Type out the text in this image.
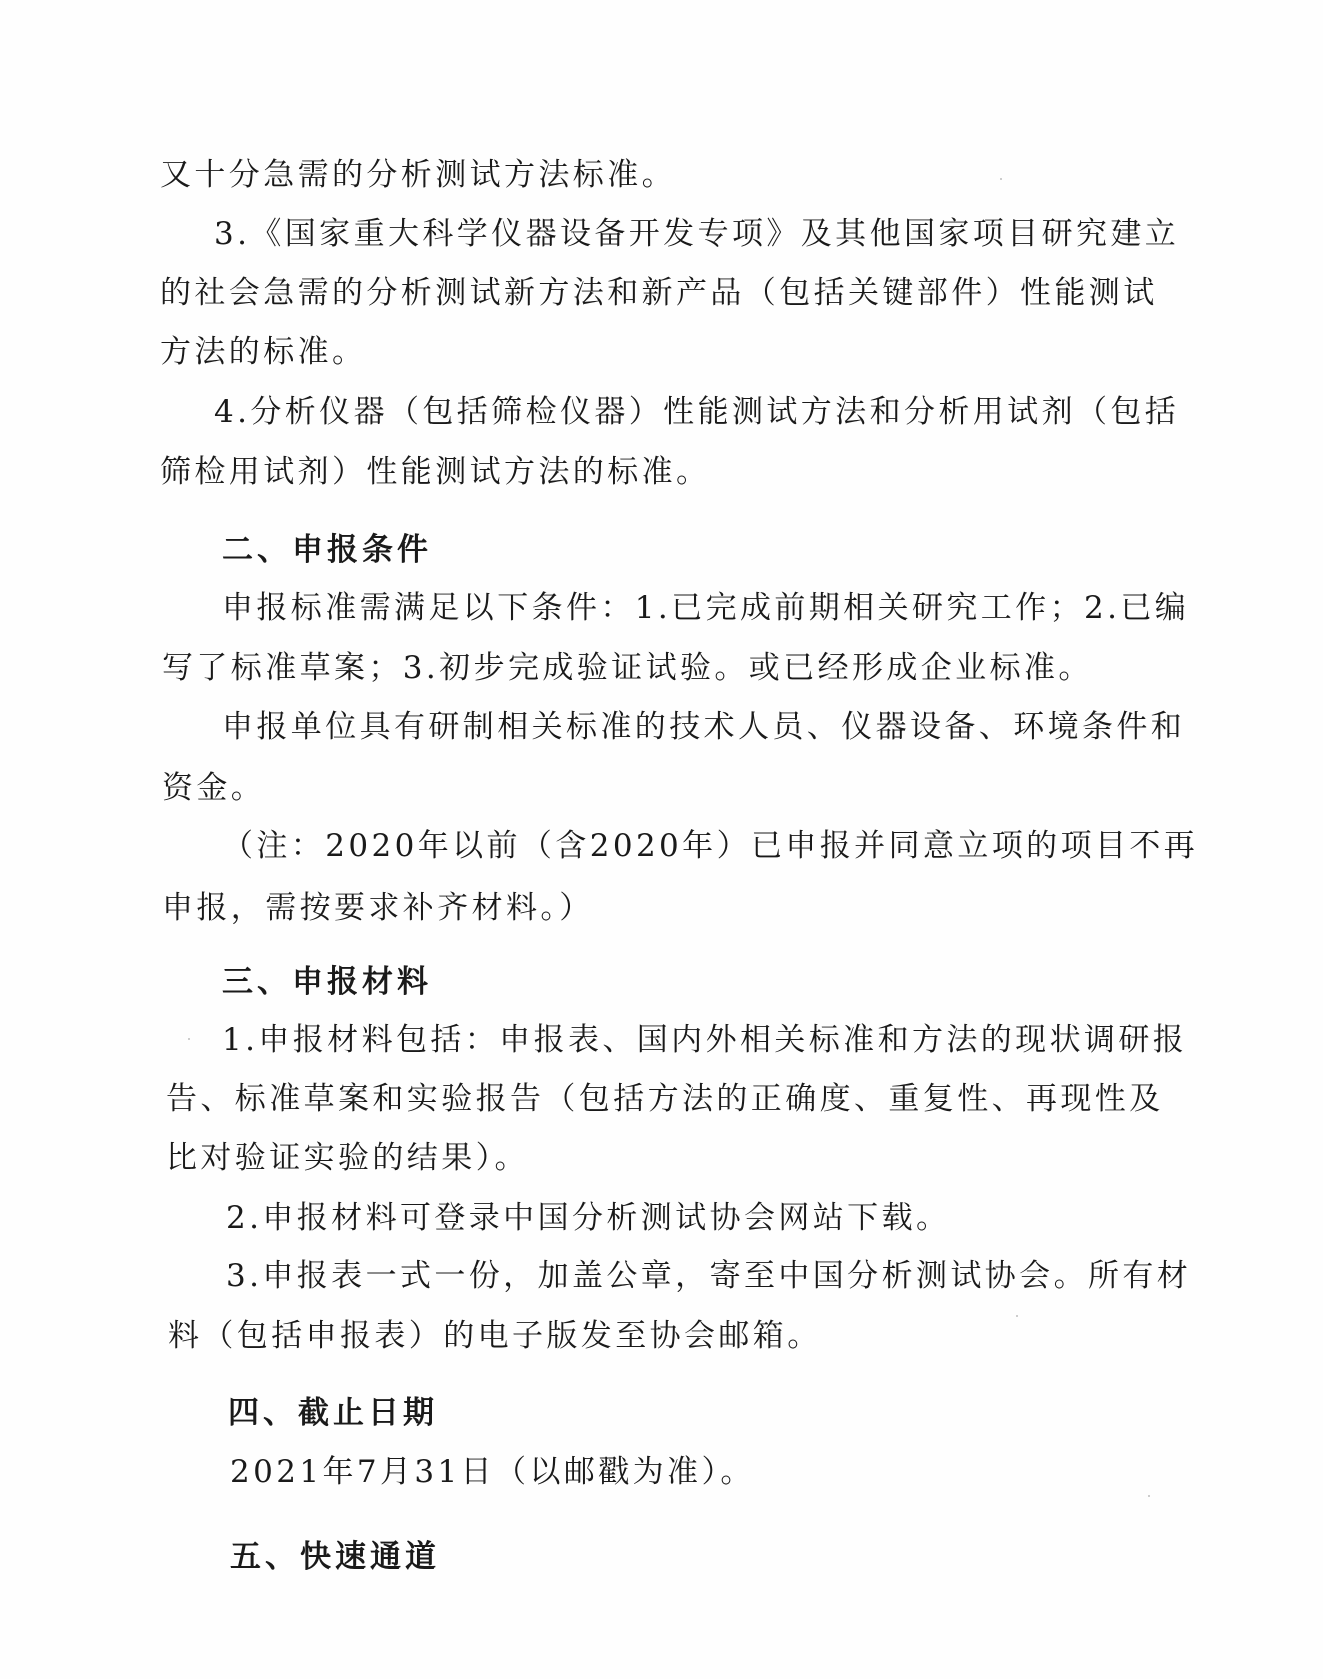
又十分急需的分析测试方法标准。
3.《国家重大科学仪器设备开发专项》及其他国家项目研究建立
的社会急需的分析测试新方法和新产品（包括关键部件）性能测试
方法的标准。
4.分析仪器（包括筛检仪器）性能测试方法和分析用试剂（包括
筛检用试剂）性能测试方法的标准。
二、申报条件
申报标准需满足以下条件：1.已完成前期相关研究工作；2.已编
写了标准草案；3.初步完成验证试验。或已经形成企业标准。
申报单位具有研制相关标准的技术人员、仪器设备、环境条件和
资金。
（注：2020年以前（含2020年）已申报并同意立项的项目不再
申报，需按要求补齐材料。）
三、申报材料
1.申报材料包括：申报表、国内外相关标准和方法的现状调研报
告、标准草案和实验报告（包括方法的正确度、重复性、再现性及
比对验证实验的结果）。
2.申报材料可登录中国分析测试协会网站下载。
3.申报表一式一份，加盖公章，寄至中国分析测试协会。所有材
料（包括申报表）的电子版发至协会邮箱。
四、截止日期
2021年7月31日（以邮戳为准）。
五、快速通道
